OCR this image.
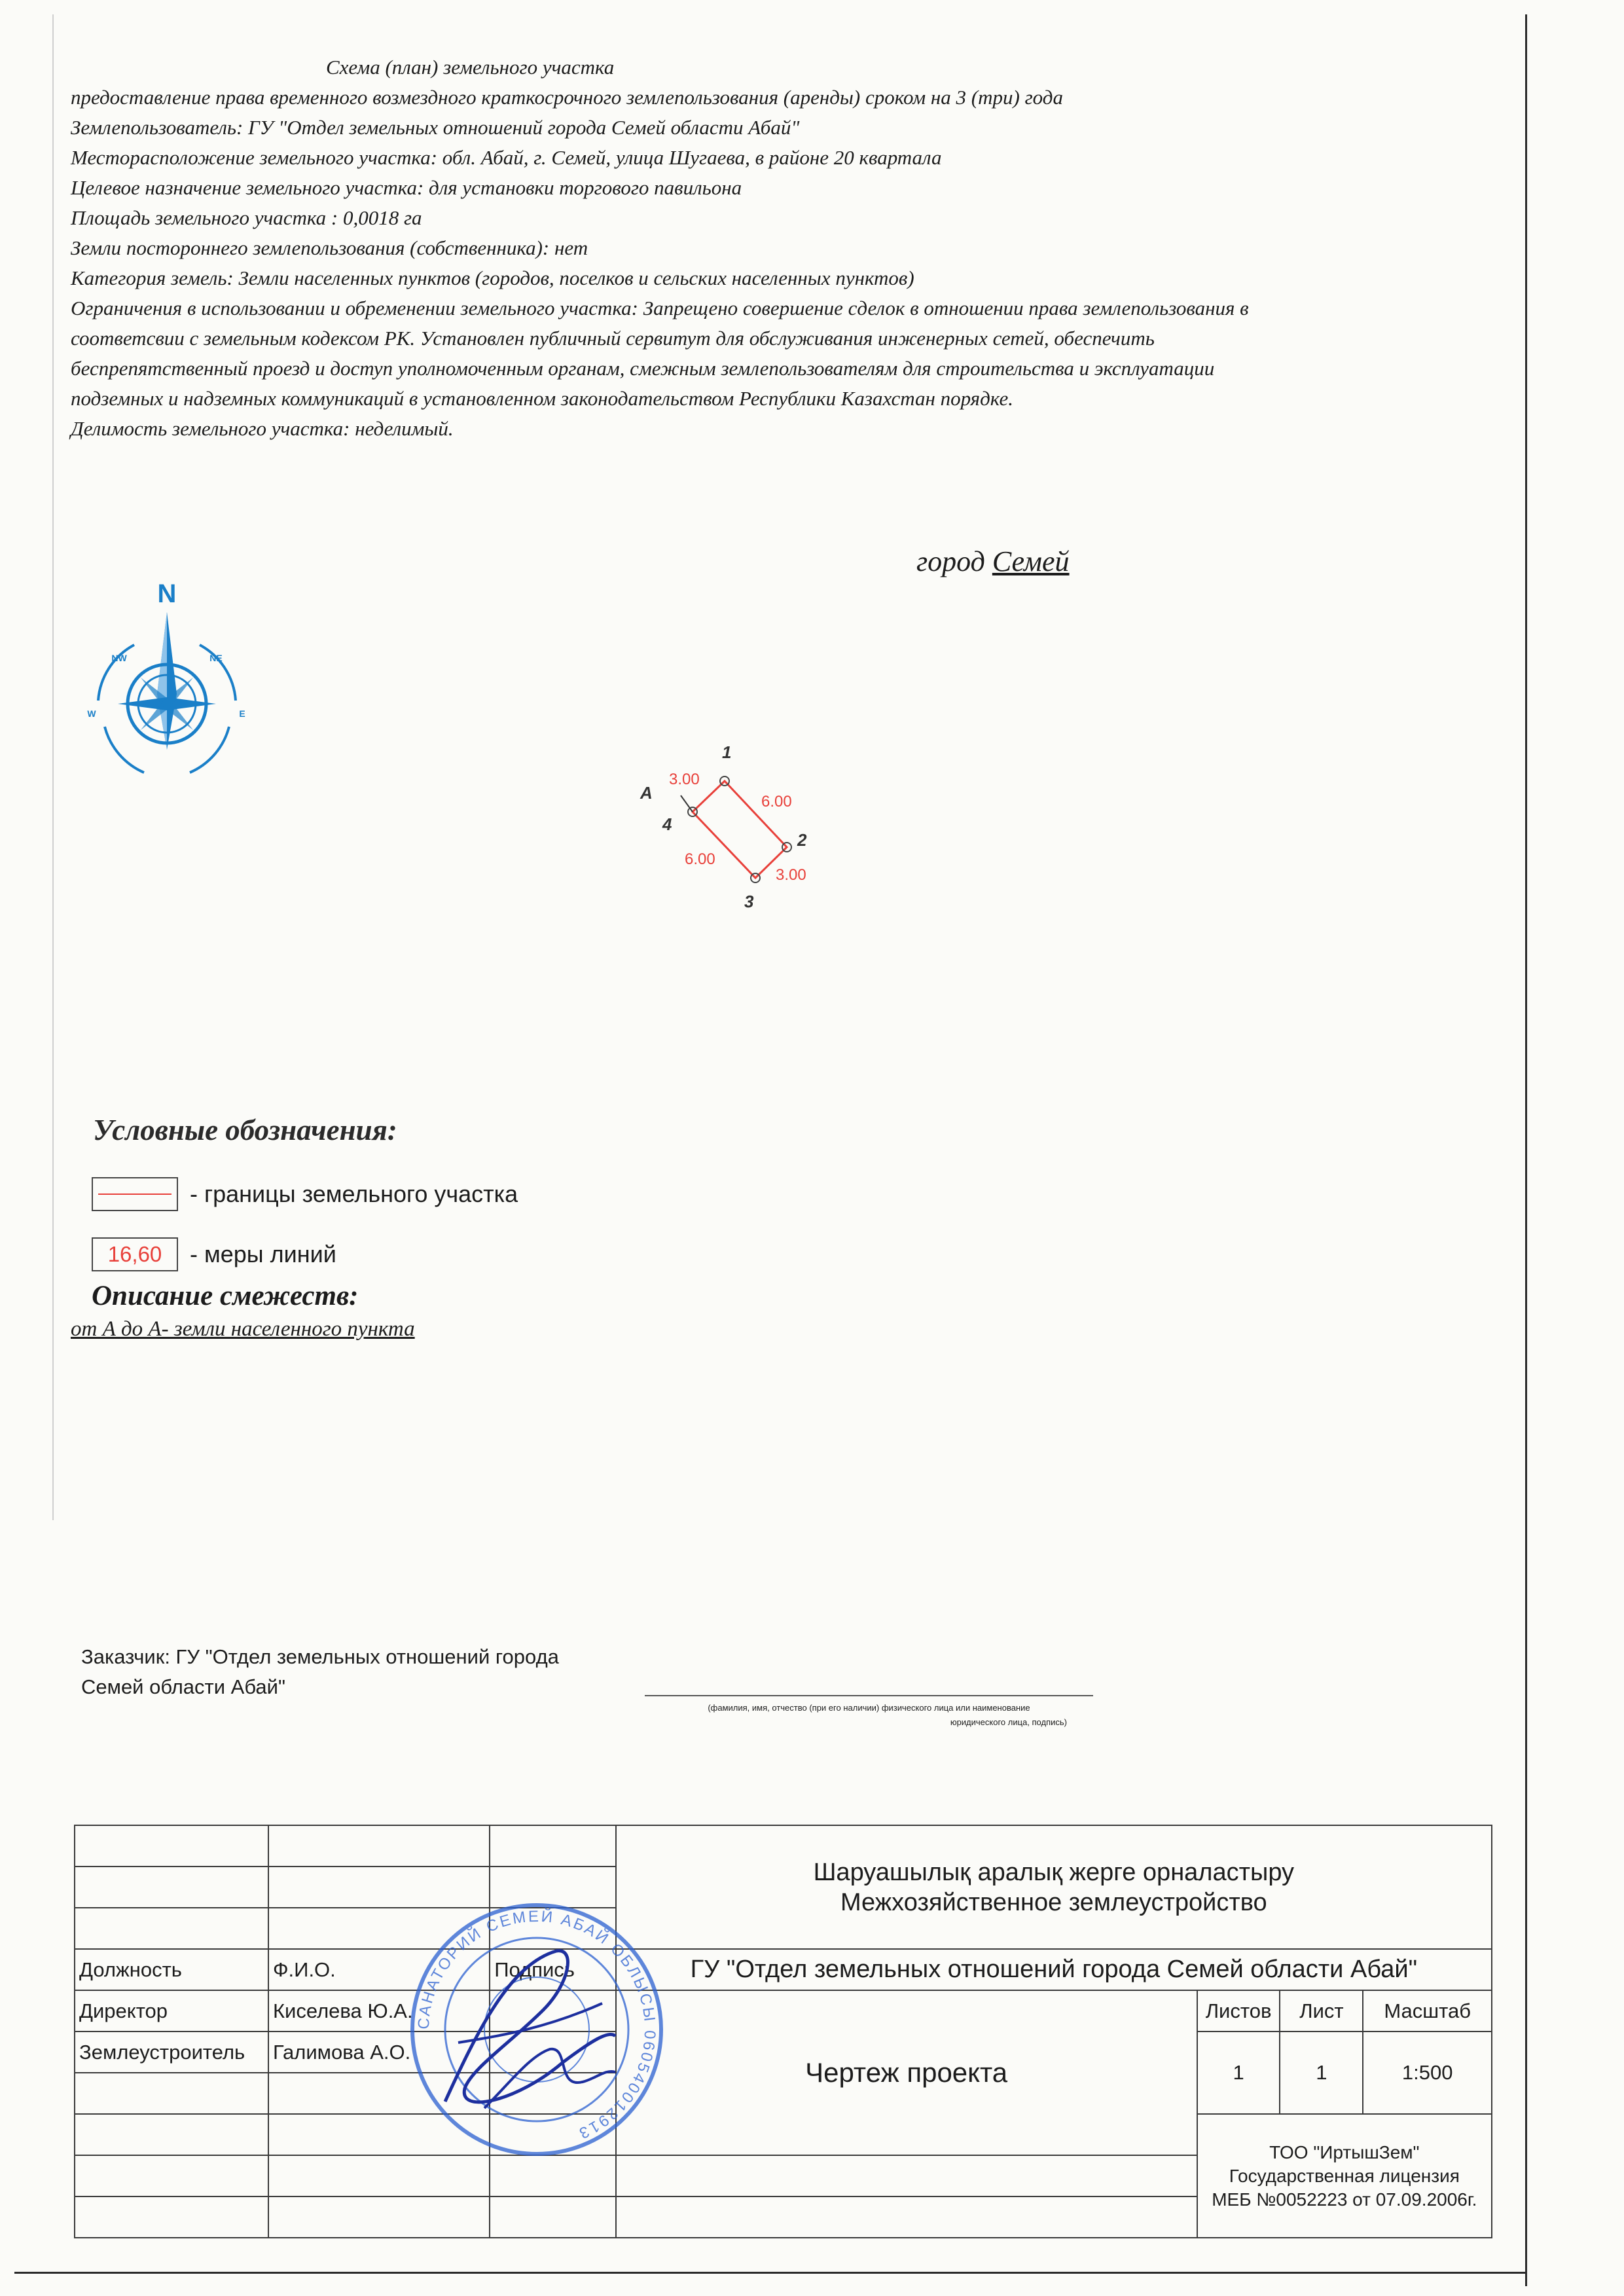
Схема (план) земельного участка
предоставление права временного возмездного краткосрочного землепользования (аренды) сроком на 3 (три) года
Землепользователь: ГУ "Отдел земельных отношений города Семей области Абай"
Месторасположение земельного участка: обл. Абай, г. Семей, улица Шугаева, в районе 20 квартала
Целевое назначение земельного участка: для установки торгового павильона
Площадь земельного участка : 0,0018 га
Земли постороннего землепользования (собственника): нет
Категория земель: Земли населенных пунктов (городов, поселков и сельских населенных пунктов)
Ограничения в использовании и обременении земельного участка: Запрещено совершение сделок в отношении права землепользования в соответсвии с земельным кодексом РК. Установлен публичный сервитут для обслуживания инженерных сетей, обеспечить беспрепятственный проезд и доступ уполномоченным органам, смежным землепользователям для строительства и эксплуатации подземных и надземных коммуникаций в установленном законодательством Республики Казахстан порядке.
Делимость земельного участка: неделимый.
город Семей
N
NW	NE
W	E
1
2
3
4
A	6.00
3.00
6.00
3.00
Условные обозначения:
- границы земельного участка
16,60	- меры линий
Описание смежеств:
от А до А- земли населенного пункта
Заказчик: ГУ "Отдел земельных отношений города
Семей области Абай"
(фамилия, имя, отчество (при его наличии) физического лица или наименование
юридического лица, подпись)

			Шаруашылық аралық жерге орналастыру
Межхозяйственное землеустройство			

Должность	Ф.И.О.	Подпись	ГУ "Отдел земельных отношений города Семей области Абай"			
Директор	Киселева Ю.А.		Чертеж проекта	Листов	Лист	Масштаб
Землеустроитель	Галимова А.О.			1	1	1:500

				ТОО "ИртышЗем"
Государственная лицензия
МЕБ №0052223 от 07.09.2006г.		

САНАТОРИЙ СЕМЕЙ АБАЙ ОБЛЫСЫ 060540012913
